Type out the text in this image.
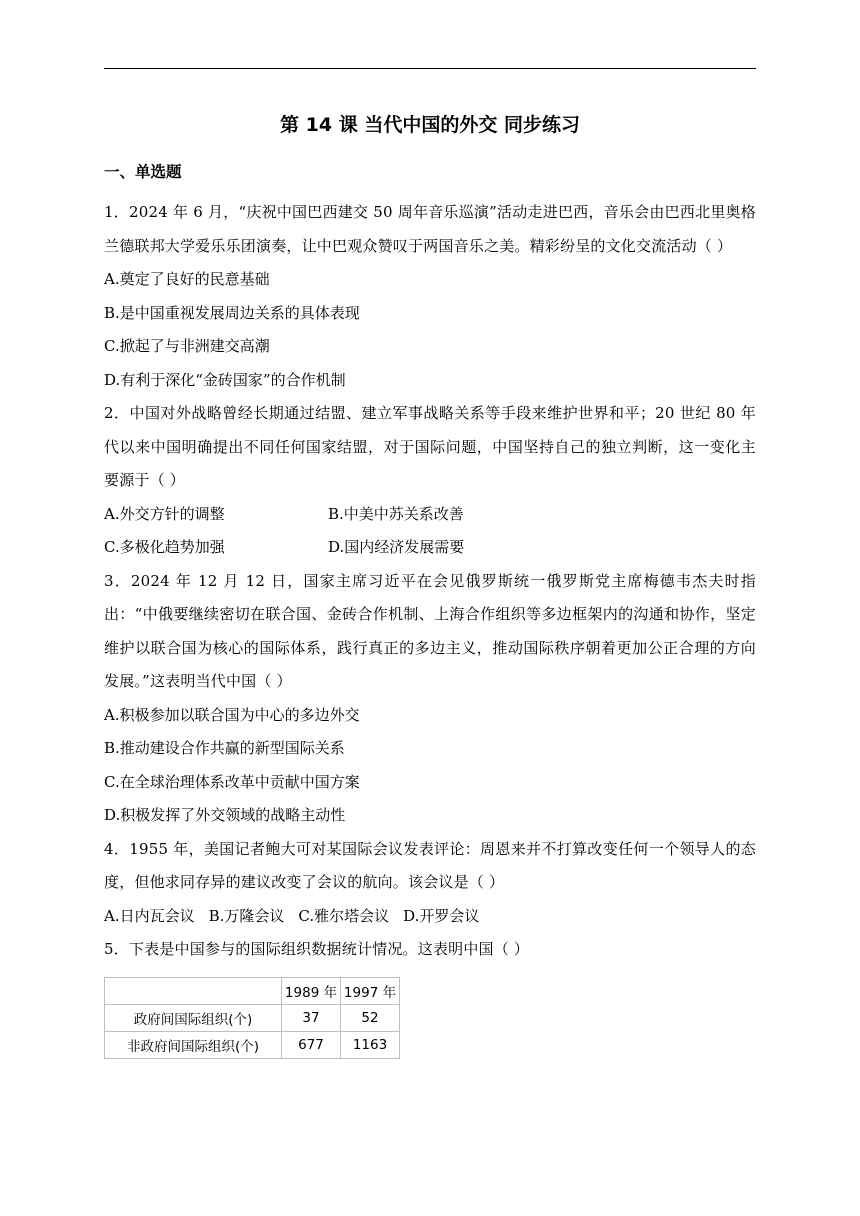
第 14 课 当代中国的外交 同步练习
一、单选题

1．2024 年 6 月，“庆祝中国巴西建交 50 周年音乐巡演”活动走进巴西，音乐会由巴西北里奥格兰德联邦大学爱乐乐团演奏，让中巴观众赞叹于两国音乐之美。精彩纷呈的文化交流活动（ ）

A.奠定了良好的民意基础

B.是中国重视发展周边关系的具体表现

C.掀起了与非洲建交高潮

D.有利于深化“金砖国家”的合作机制

2．中国对外战略曾经长期通过结盟、建立军事战略关系等手段来维护世界和平；20 世纪 80 年代以来中国明确提出不同任何国家结盟，对于国际问题，中国坚持自己的独立判断，这一变化主要源于（ ）

A.外交方针的调整	B.中美中苏关系改善
C.多极化趋势加强	D.国内经济发展需要

3．2024 年 12 月 12 日，国家主席习近平在会见俄罗斯统一俄罗斯党主席梅德韦杰夫时指出：“中俄要继续密切在联合国、金砖合作机制、上海合作组织等多边框架内的沟通和协作，坚定维护以联合国为核心的国际体系，践行真正的多边主义，推动国际秩序朝着更加公正合理的方向发展。”这表明当代中国（ ）

A.积极参加以联合国为中心的多边外交

B.推动建设合作共赢的新型国际关系

C.在全球治理体系改革中贡献中国方案

D.积极发挥了外交领域的战略主动性

4．1955 年，美国记者鲍大可对某国际会议发表评论：周恩来并不打算改变任何一个领导人的态度，但他求同存异的建议改变了会议的航向。该会议是（ ）

A.日内瓦会议 B.万隆会议 C.雅尔塔会议 D.开罗会议

5．下表是中国参与的国际组织数据统计情况。这表明中国（ ）

	1989 年	1997 年
政府间国际组织(个)	37	52
非政府间国际组织(个)	677	1163
